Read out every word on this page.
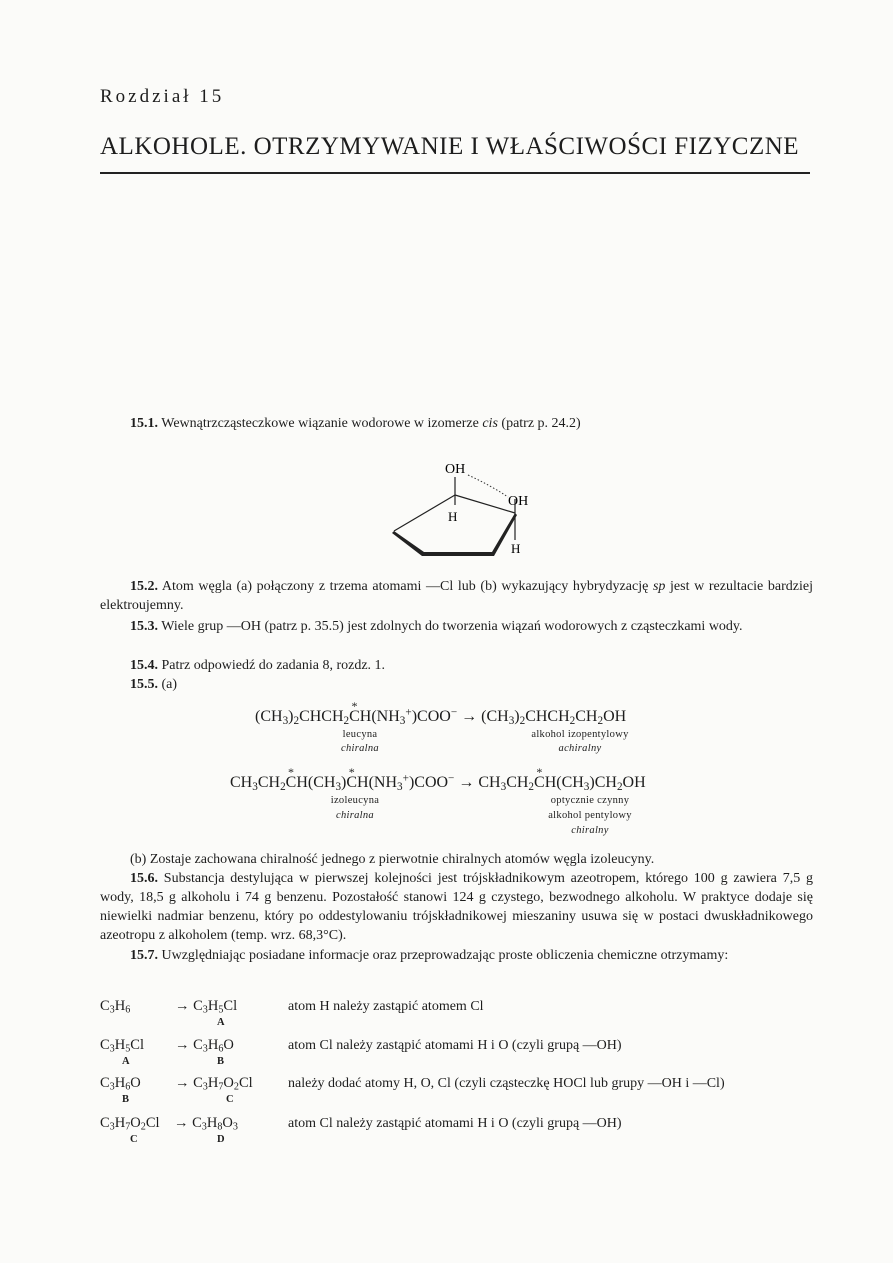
Rozdział 15
ALKOHOLE. OTRZYMYWANIE I WŁAŚCIWOŚCI FIZYCZNE
15.1. Wewnątrzcząsteczkowe wiązanie wodorowe w izomerze cis (patrz p. 24.2)
OH
OH
H
H
15.2. Atom węgla (a) połączony z trzema atomami —Cl lub (b) wykazujący hybrydyzację sp jest w rezultacie bardziej elektroujemny.
15.3. Wiele grup —OH (patrz p. 35.5) jest zdolnych do tworzenia wiązań wodorowych z cząsteczkami wody.
15.4. Patrz odpowiedź do zadania 8, rozdz. 1.
15.5. (a)
$(CH_3)_2CHCH_2*$ $CH(NH_3^+)COO^-$ → $(CH_3)_2CHCH_2CH_2OH$
leucyna
chiralna
alkohol izopentylowy
achiralny
$CH_3CH_2*$ $CH(CH_3)*$ $CH(NH_3^+)COO^- \to CH_3CH_2*$ $CH(CH_3)CH_2OH$
izoleucyna
chiralna
optycznie czynny
alkohol pentylowy
chiralny
(b) Zostaje zachowana chiralność jednego z pierwotnie chiralnych atomów węgla izoleucyny.
15.6. Substancja destylująca w pierwszej kolejności jest trójskładnikowym azeotropem, którego 100 g zawiera 7,5 g wody, 18,5 g alkoholu i 74 g benzenu. Pozostałość stanowi 124 g czystego, bezwodnego alkoholu. W praktyce dodaje się niewielki nadmiar benzenu, który po oddestylowaniu trójskładnikowej mieszaniny usuwa się w postaci dwuskładnikowego azeotropu z alkoholem (temp. wrz. 68,3°C).
15.7. Uwzględniając posiadane informacje oraz przeprowadzając proste obliczenia chemiczne otrzymamy:
$C_3H_6$	→ $C_3H_5Cl$
A
atom H należy zastąpić atomem Cl
$C_3H_5Cl$
A
→ $C_3H_6O$
B
atom Cl należy zastąpić atomami H i O (czyli grupą —OH)
$C_3H_6O$
B
→ $C_3H_7O_2Cl$
C
należy dodać atomy H, O, Cl (czyli cząsteczkę HOCl lub grupy —OH i —Cl)
$C_3H_7O_2Cl$
C
→ $C_3H_8O_3$
D
atom Cl należy zastąpić atomami H i O (czyli grupą —OH)
